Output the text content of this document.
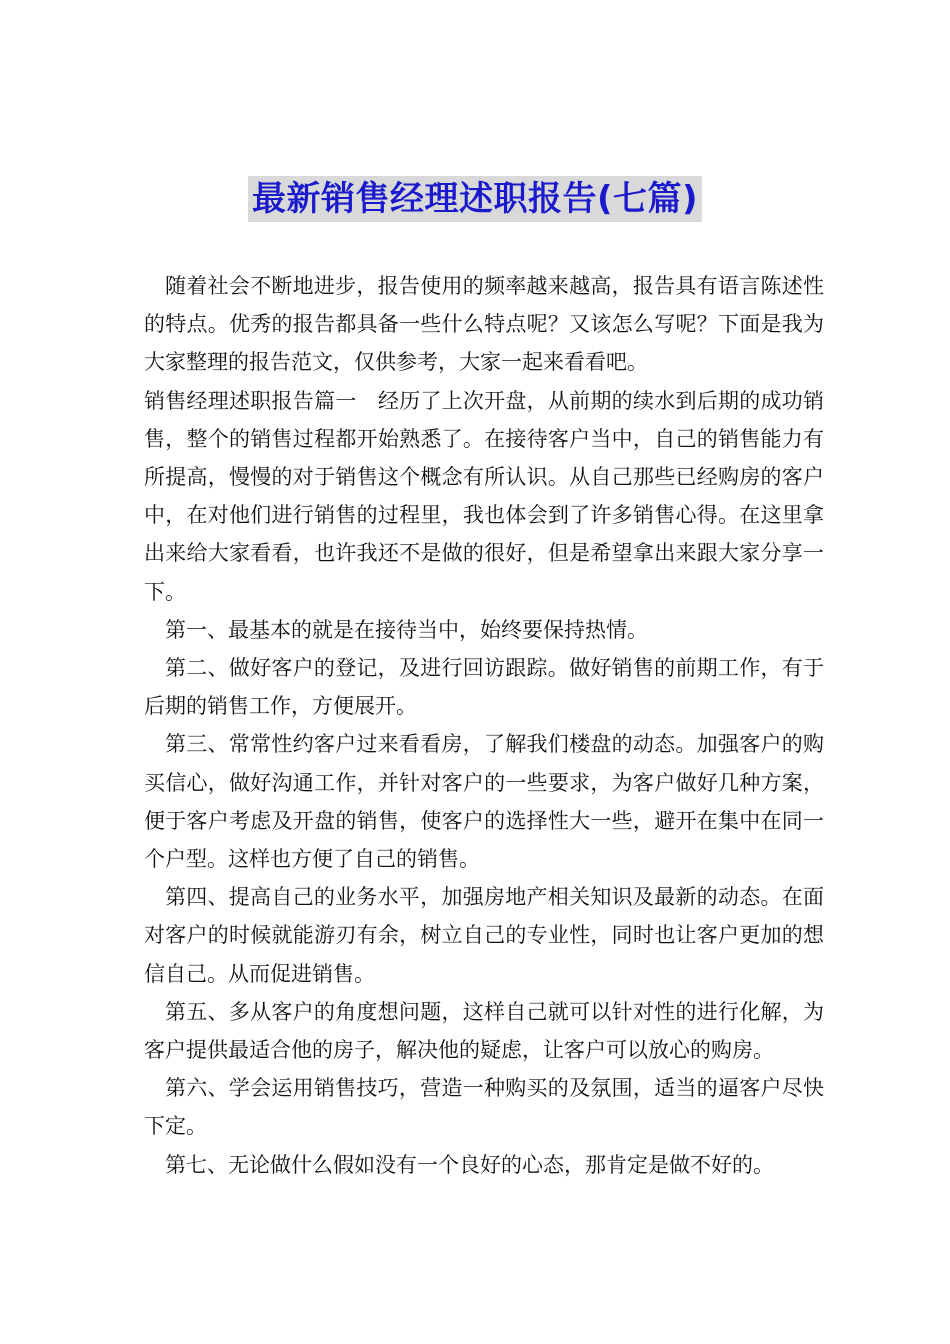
最新销售经理述职报告(七篇)

随着社会不断地进步，报告使用的频率越来越高，报告具有语言陈述性的特点。优秀的报告都具备一些什么特点呢？又该怎么写呢？下面是我为大家整理的报告范文，仅供参考，大家一起来看看吧。

销售经理述职报告篇一　经历了上次开盘，从前期的续水到后期的成功销售，整个的销售过程都开始熟悉了。在接待客户当中，自己的销售能力有所提高，慢慢的对于销售这个概念有所认识。从自己那些已经购房的客户中，在对他们进行销售的过程里，我也体会到了许多销售心得。在这里拿出来给大家看看，也许我还不是做的很好，但是希望拿出来跟大家分享一下。

第一、最基本的就是在接待当中，始终要保持热情。

第二、做好客户的登记，及进行回访跟踪。做好销售的前期工作，有于后期的销售工作，方便展开。

第三、常常性约客户过来看看房，了解我们楼盘的动态。加强客户的购买信心，做好沟通工作，并针对客户的一些要求，为客户做好几种方案，便于客户考虑及开盘的销售，使客户的选择性大一些，避开在集中在同一个户型。这样也方便了自己的销售。

第四、提高自己的业务水平，加强房地产相关知识及最新的动态。在面对客户的时候就能游刃有余，树立自己的专业性，同时也让客户更加的想信自己。从而促进销售。

第五、多从客户的角度想问题，这样自己就可以针对性的进行化解，为客户提供最适合他的房子，解决他的疑虑，让客户可以放心的购房。

第六、学会运用销售技巧，营造一种购买的及氛围，适当的逼客户尽快下定。

第七、无论做什么假如没有一个良好的心态，那肯定是做不好的。
